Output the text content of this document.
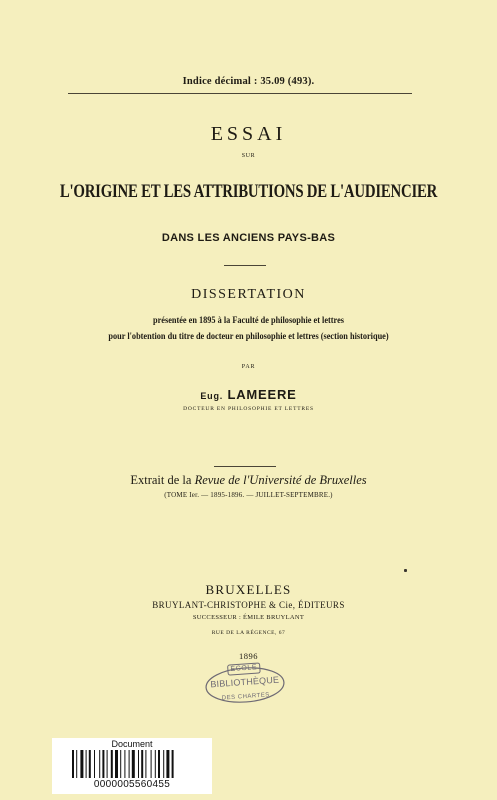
Indice décimal : 35.09 (493).
ESSAI
SUR
L'ORIGINE ET LES ATTRIBUTIONS DE L'AUDIENCIER
DANS LES ANCIENS PAYS-BAS
DISSERTATION
présentée en 1895 à la Faculté de philosophie et lettres
pour l'obtention du titre de docteur en philosophie et lettres (section historique)
PAR
Eug. LAMEERE
DOCTEUR EN PHILOSOPHIE ET LETTRES
Extrait de la Revue de l'Université de Bruxelles
(TOME Ier. — 1895-1896. — JUILLET-SEPTEMBRE.)
BRUXELLES
BRUYLANT-CHRISTOPHE & Cie, ÉDITEURS
SUCCESSEUR : ÉMILE BRUYLANT
RUE DE LA RÉGENCE, 67
1896
ÉCOLE
BIBLIOTHÈQUE
DES CHARTES
Document
0000005560455
